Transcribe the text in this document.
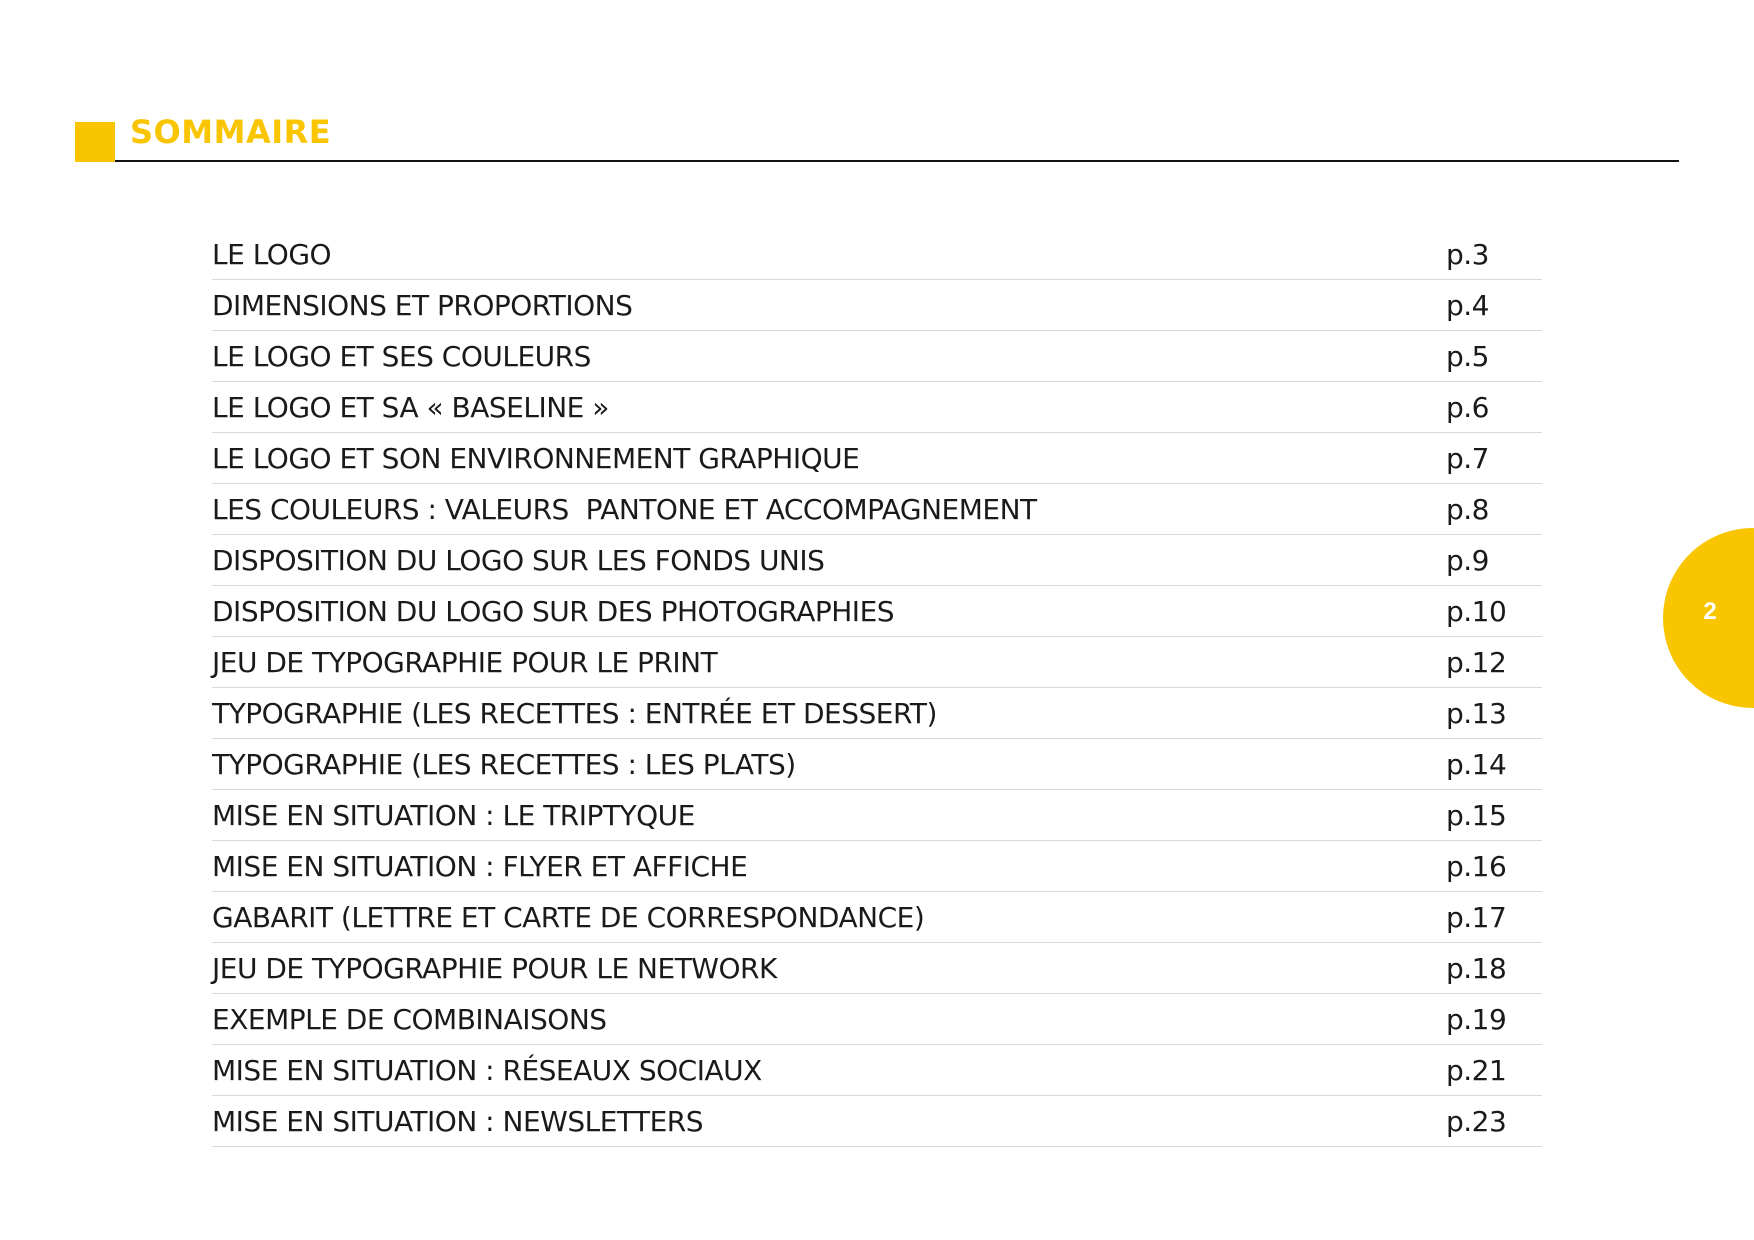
SOMMAIRE
LE LOGO	p.3
DIMENSIONS ET PROPORTIONS	p.4
LE LOGO ET SES COULEURS	p.5
LE LOGO ET SA « BASELINE »	p.6
LE LOGO ET SON ENVIRONNEMENT GRAPHIQUE	p.7
LES COULEURS : VALEURS  PANTONE ET ACCOMPAGNEMENT	p.8
DISPOSITION DU LOGO SUR LES FONDS UNIS	p.9
DISPOSITION DU LOGO SUR DES PHOTOGRAPHIES	p.10
JEU DE TYPOGRAPHIE POUR LE PRINT	p.12
TYPOGRAPHIE (LES RECETTES : ENTRÉE ET DESSERT)	p.13
TYPOGRAPHIE (LES RECETTES : LES PLATS)	p.14
MISE EN SITUATION : LE TRIPTYQUE	p.15
MISE EN SITUATION : FLYER ET AFFICHE	p.16
GABARIT (LETTRE ET CARTE DE CORRESPONDANCE)	p.17
JEU DE TYPOGRAPHIE POUR LE NETWORK	p.18
EXEMPLE DE COMBINAISONS	p.19
MISE EN SITUATION : RÉSEAUX SOCIAUX	p.21
MISE EN SITUATION : NEWSLETTERS	p.23
2
